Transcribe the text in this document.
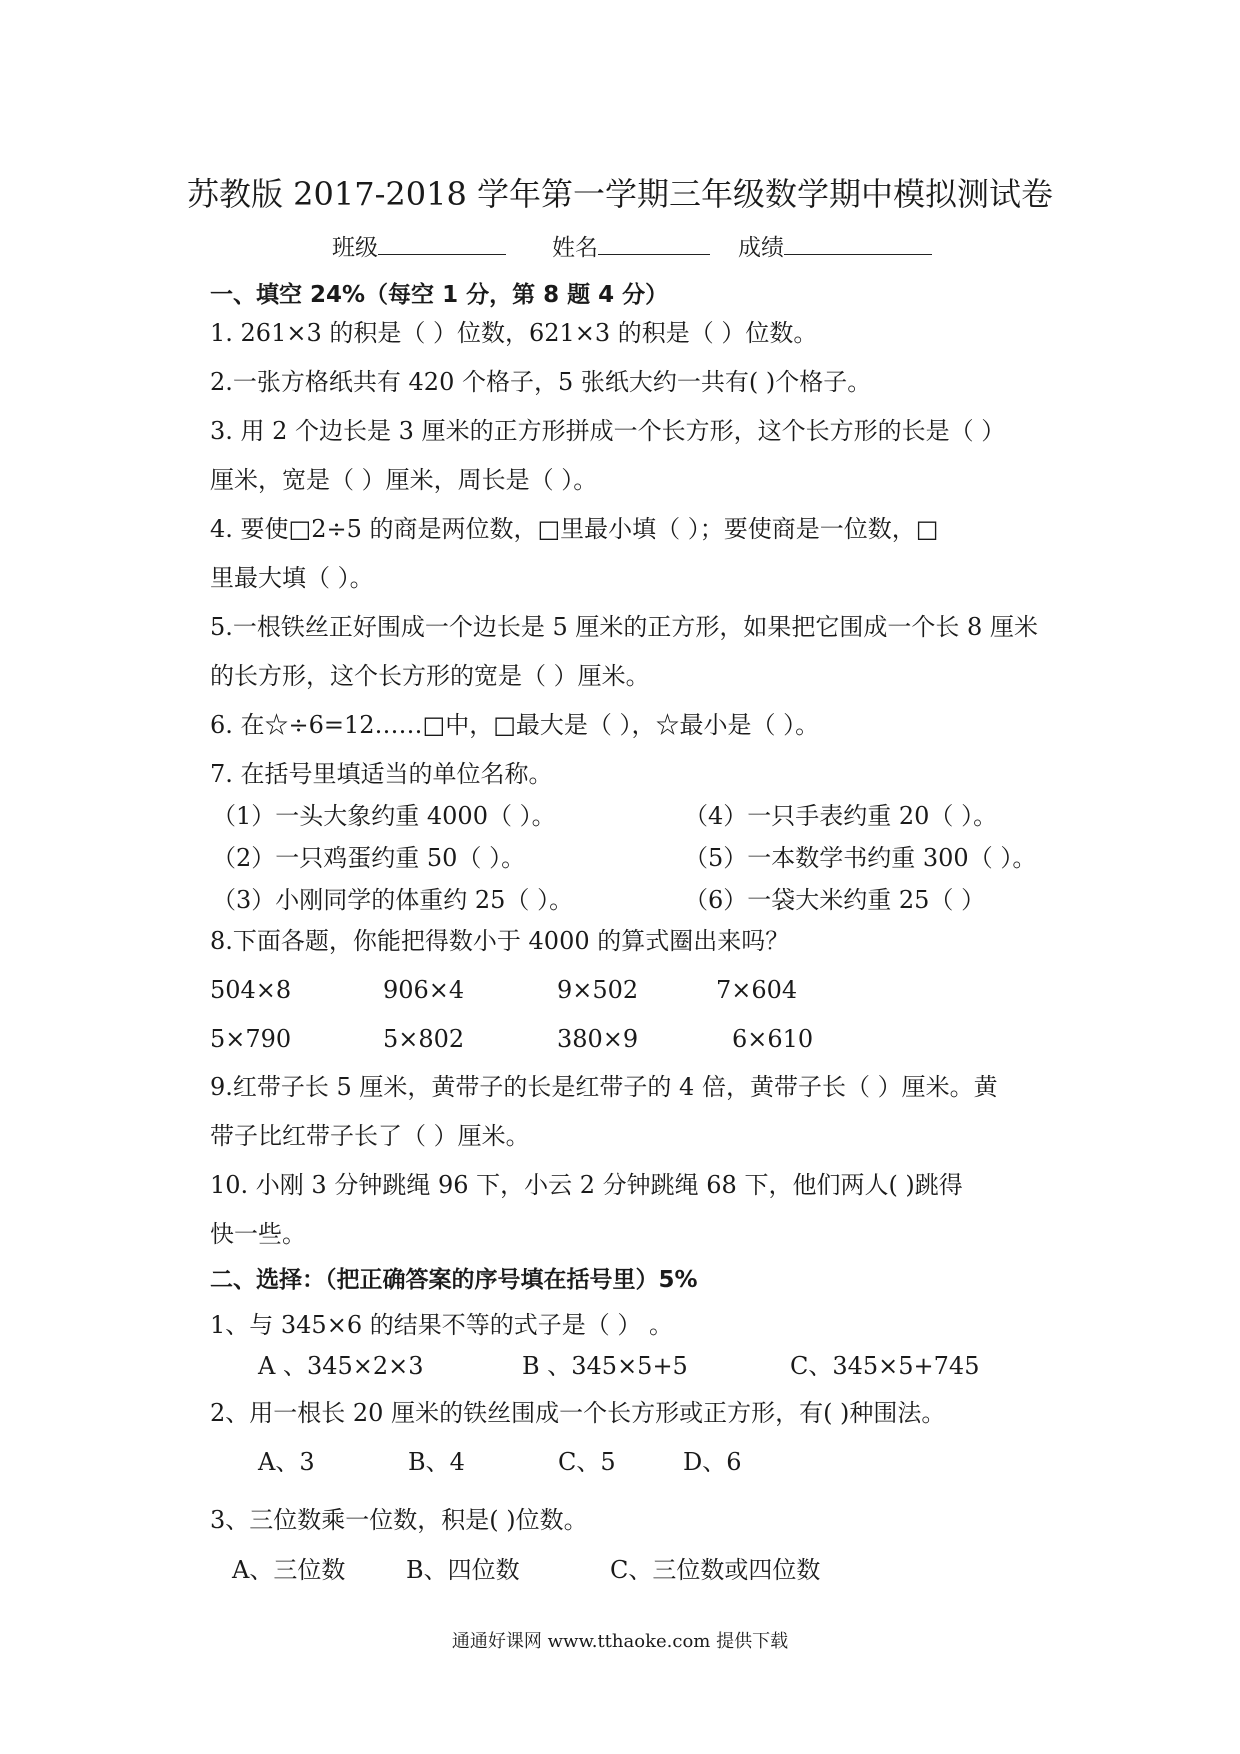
苏教版 2017-2018 学年第一学期三年级数学期中模拟测试卷
班级	姓名	成绩
一、填空 24%（每空 1 分，第 8 题 4 分）
1. 261×3 的积是（ ）位数，621×3 的积是（ ）位数。
2.一张方格纸共有 420 个格子，5 张纸大约一共有( )个格子。
3. 用 2 个边长是 3 厘米的正方形拼成一个长方形，这个长方形的长是（ ）
厘米，宽是（ ）厘米，周长是（ ）。
4. 要使□2÷5 的商是两位数，□里最小填（ ）；要使商是一位数，□
里最大填（ ）。
5.一根铁丝正好围成一个边长是 5 厘米的正方形，如果把它围成一个长 8 厘米
的长方形，这个长方形的宽是（ ）厘米。
6. 在☆÷6=12……□中，□最大是（ ），☆最小是（ ）。
7. 在括号里填适当的单位名称。
（1）一头大象约重 4000（ ）。	（4）一只手表约重 20（ ）。
（2）一只鸡蛋约重 50（ ）。	（5）一本数学书约重 300（ ）。
（3）小刚同学的体重约 25（ ）。	（6）一袋大米约重 25（ ）
8.下面各题，你能把得数小于 4000 的算式圈出来吗？
504×8	906×4	9×502	7×604
5×790	5×802	380×9	6×610
9.红带子长 5 厘米，黄带子的长是红带子的 4 倍，黄带子长（ ）厘米。黄
带子比红带子长了（ ）厘米。
10. 小刚 3 分钟跳绳 96 下，小云 2 分钟跳绳 68 下，他们两人( )跳得
快一些。
二、选择：（把正确答案的序号填在括号里）5%
1、与 345×6 的结果不等的式子是（ ） 。
A 、345×2×3	B 、345×5+5	C、345×5+745
2、用一根长 20 厘米的铁丝围成一个长方形或正方形，有( )种围法。
A、3	B、4	C、5	D、6
3、三位数乘一位数，积是( )位数。
A、三位数	B、四位数	C、三位数或四位数
通通好课网 www.tthaoke.com 提供下载
